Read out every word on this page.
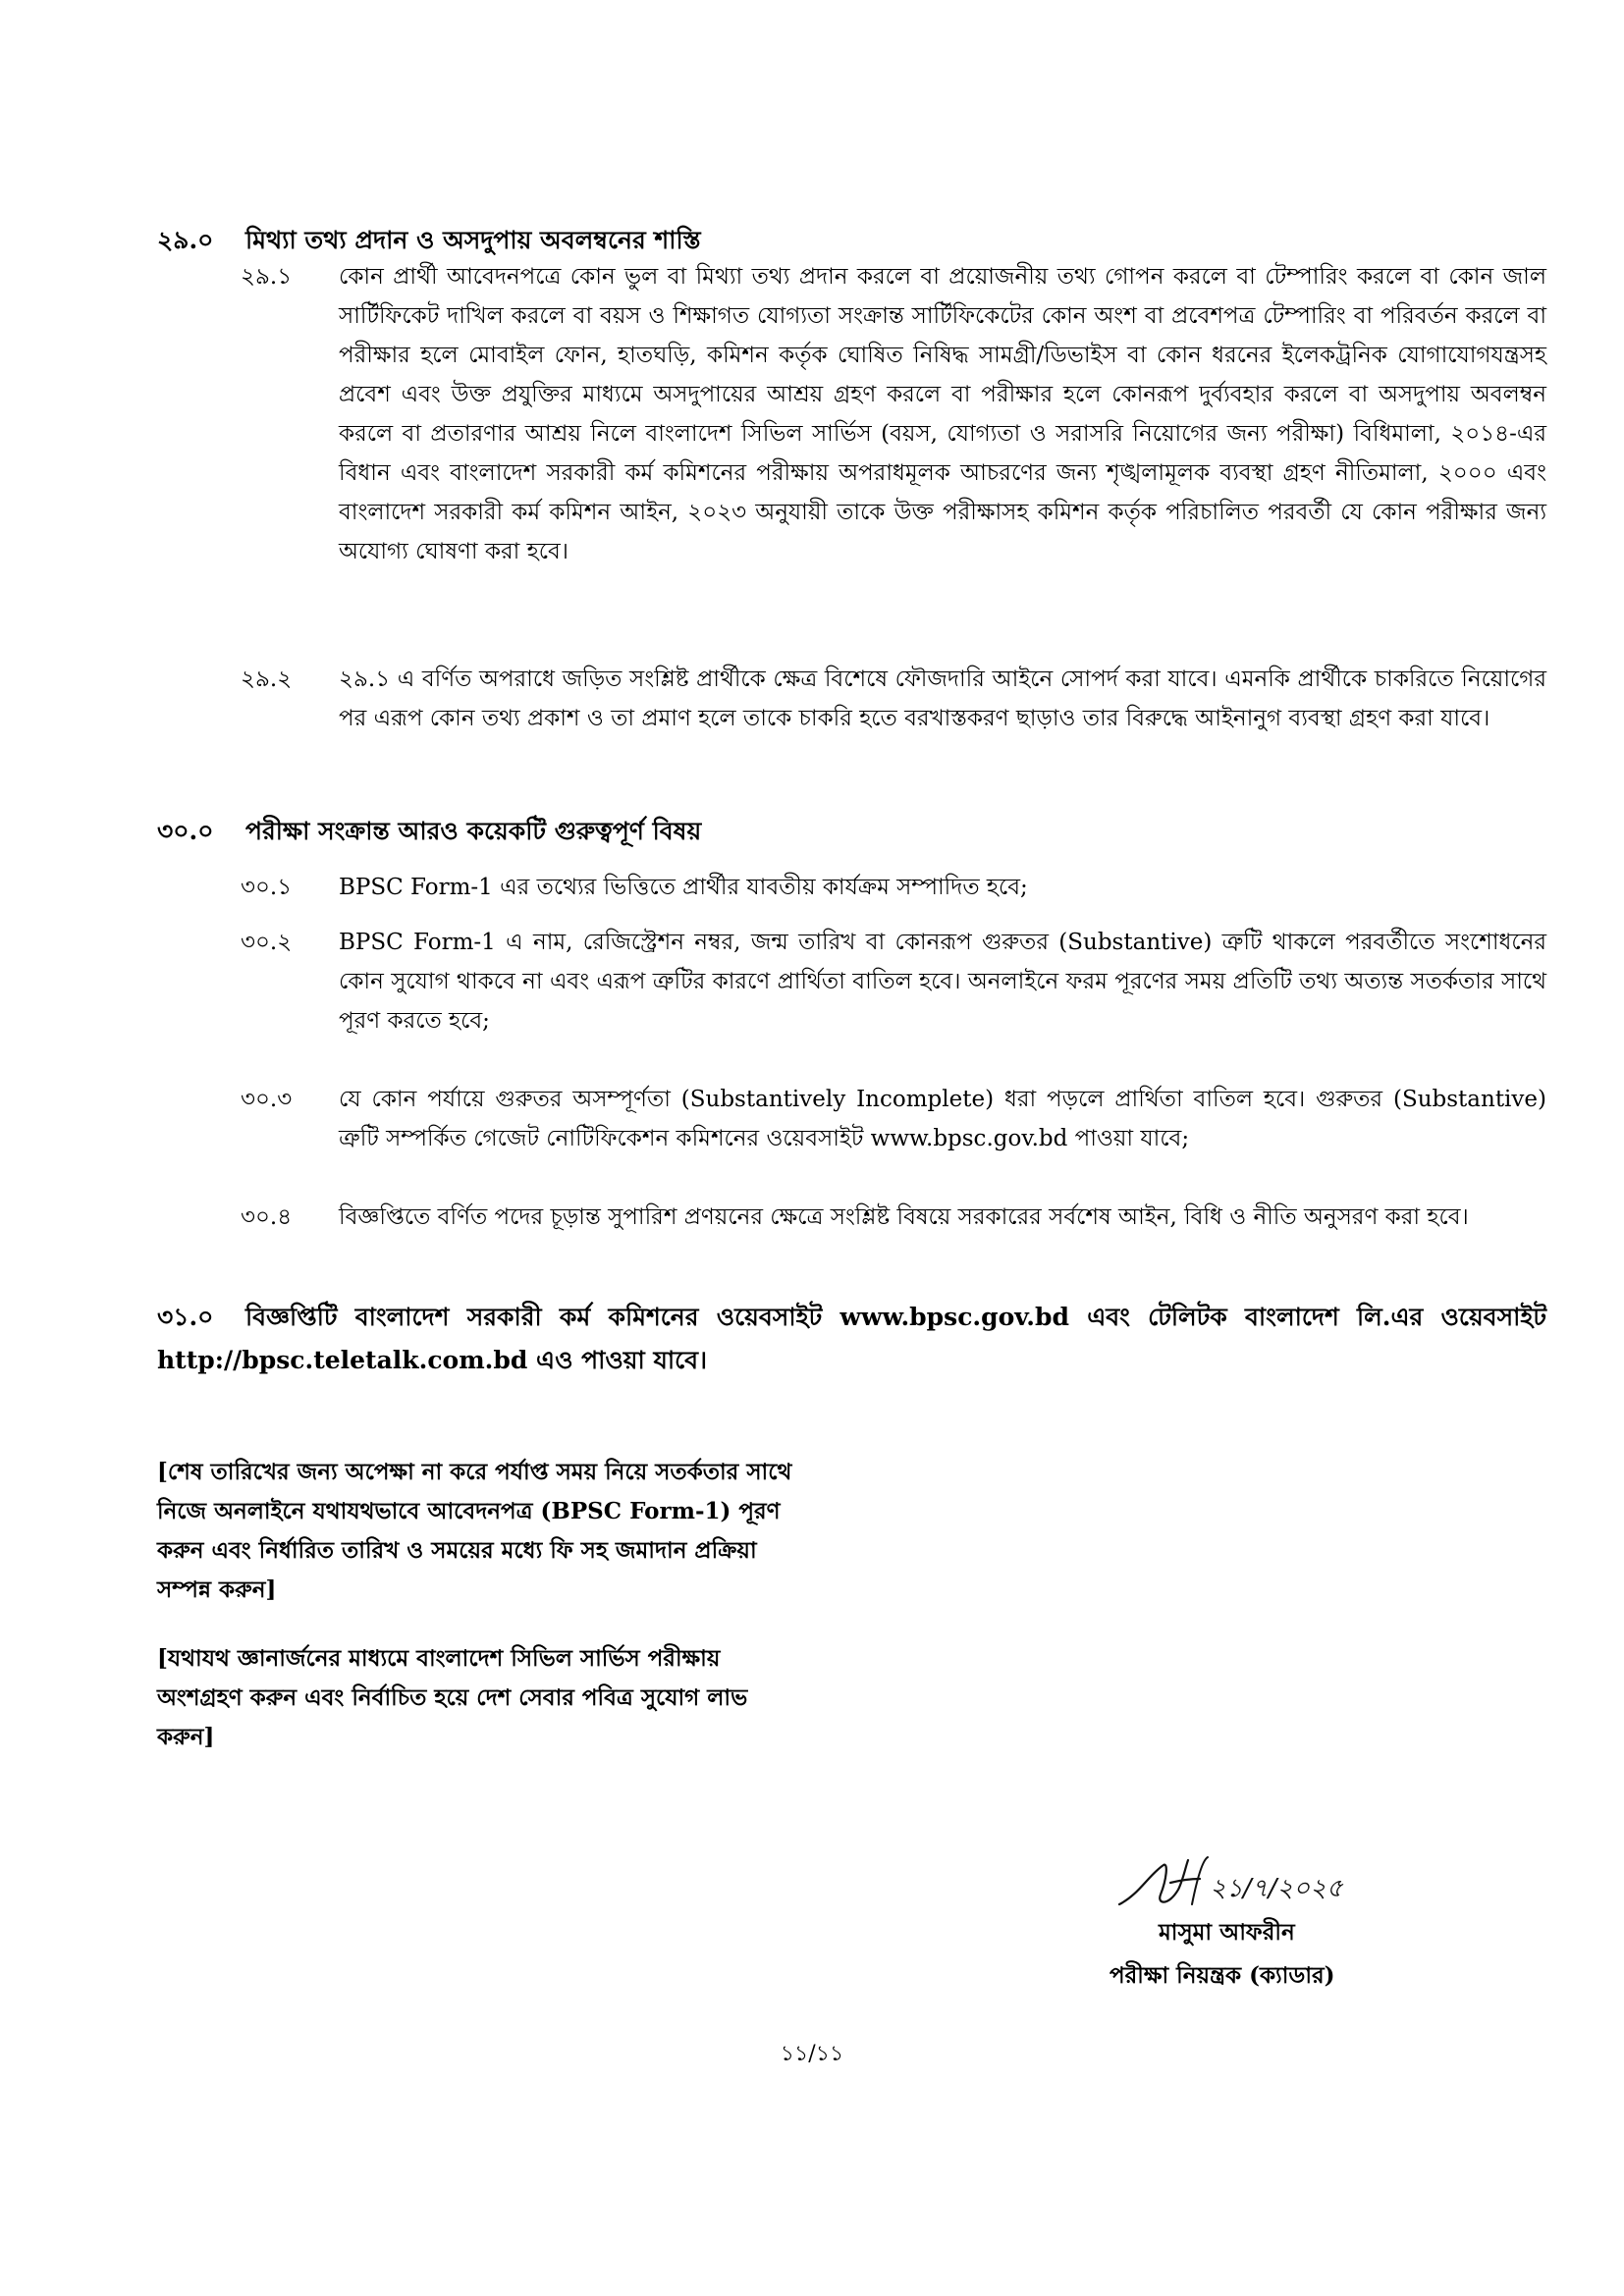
২৯.০ মিথ্যা তথ্য প্রদান ও অসদুপায় অবলম্বনের শাস্তি
২৯.১	কোন প্রার্থী আবেদনপত্রে কোন ভুল বা মিথ্যা তথ্য প্রদান করলে বা প্রয়োজনীয় তথ্য গোপন করলে বা টেম্পারিং করলে বা কোন জাল সার্টিফিকেট দাখিল করলে বা বয়স ও শিক্ষাগত যোগ্যতা সংক্রান্ত সার্টিফিকেটের কোন অংশ বা প্রবেশপত্র টেম্পারিং বা পরিবর্তন করলে বা পরীক্ষার হলে মোবাইল ফোন, হাতঘড়ি, কমিশন কর্তৃক ঘোষিত নিষিদ্ধ সামগ্রী/ডিভাইস বা কোন ধরনের ইলেকট্রনিক যোগাযোগযন্ত্রসহ প্রবেশ এবং উক্ত প্রযুক্তির মাধ্যমে অসদুপায়ের আশ্রয় গ্রহণ করলে বা পরীক্ষার হলে কোনরূপ দুর্ব্যবহার করলে বা অসদুপায় অবলম্বন করলে বা প্রতারণার আশ্রয় নিলে বাংলাদেশ সিভিল সার্ভিস (বয়স, যোগ্যতা ও সরাসরি নিয়োগের জন্য পরীক্ষা) বিধিমালা, ২০১৪-এর বিধান এবং বাংলাদেশ সরকারী কর্ম কমিশনের পরীক্ষায় অপরাধমূলক আচরণের জন্য শৃঙ্খলামূলক ব্যবস্থা গ্রহণ নীতিমালা, ২০০০ এবং বাংলাদেশ সরকারী কর্ম কমিশন আইন, ২০২৩ অনুযায়ী তাকে উক্ত পরীক্ষাসহ কমিশন কর্তৃক পরিচালিত পরবর্তী যে কোন পরীক্ষার জন্য অযোগ্য ঘোষণা করা হবে।
২৯.২	২৯.১ এ বর্ণিত অপরাধে জড়িত সংশ্লিষ্ট প্রার্থীকে ক্ষেত্র বিশেষে ফৌজদারি আইনে সোপর্দ করা যাবে। এমনকি প্রার্থীকে চাকরিতে নিয়োগের পর এরূপ কোন তথ্য প্রকাশ ও তা প্রমাণ হলে তাকে চাকরি হতে বরখাস্তকরণ ছাড়াও তার বিরুদ্ধে আইনানুগ ব্যবস্থা গ্রহণ করা যাবে।
৩০.০ পরীক্ষা সংক্রান্ত আরও কয়েকটি গুরুত্বপূর্ণ বিষয়
৩০.১	BPSC Form-1 এর তথ্যের ভিত্তিতে প্রার্থীর যাবতীয় কার্যক্রম সম্পাদিত হবে;
৩০.২	BPSC Form-1 এ নাম, রেজিস্ট্রেশন নম্বর, জন্ম তারিখ বা কোনরূপ গুরুতর (Substantive) ত্রুটি থাকলে পরবর্তীতে সংশোধনের কোন সুযোগ থাকবে না এবং এরূপ ত্রুটির কারণে প্রার্থিতা বাতিল হবে। অনলাইনে ফরম পূরণের সময় প্রতিটি তথ্য অত্যন্ত সতর্কতার সাথে পূরণ করতে হবে;
৩০.৩	যে কোন পর্যায়ে গুরুতর অসম্পূর্ণতা (Substantively Incomplete) ধরা পড়লে প্রার্থিতা বাতিল হবে। গুরুতর (Substantive) ত্রুটি সম্পর্কিত গেজেট নোটিফিকেশন কমিশনের ওয়েবসাইট www.bpsc.gov.bd পাওয়া যাবে;
৩০.৪	বিজ্ঞপ্তিতে বর্ণিত পদের চূড়ান্ত সুপারিশ প্রণয়নের ক্ষেত্রে সংশ্লিষ্ট বিষয়ে সরকারের সর্বশেষ আইন, বিধি ও নীতি অনুসরণ করা হবে।
৩১.০ বিজ্ঞপ্তিটি বাংলাদেশ সরকারী কর্ম কমিশনের ওয়েবসাইট www.bpsc.gov.bd এবং টেলিটক বাংলাদেশ লি.এর ওয়েবসাইট http://bpsc.teletalk.com.bd এও পাওয়া যাবে।
[শেষ তারিখের জন্য অপেক্ষা না করে পর্যাপ্ত সময় নিয়ে সতর্কতার সাথে নিজে অনলাইনে যথাযথভাবে আবেদনপত্র (BPSC Form-1) পূরণ করুন এবং নির্ধারিত তারিখ ও সময়ের মধ্যে ফি সহ জমাদান প্রক্রিয়া সম্পন্ন করুন]
[যথাযথ জ্ঞানার্জনের মাধ্যমে বাংলাদেশ সিভিল সার্ভিস পরীক্ষায় অংশগ্রহণ করুন এবং নির্বাচিত হয়ে দেশ সেবার পবিত্র সুযোগ লাভ করুন]
২১/৭/২০২৫
মাসুমা আফরীন
পরীক্ষা নিয়ন্ত্রক (ক্যাডার)
১১/১১
